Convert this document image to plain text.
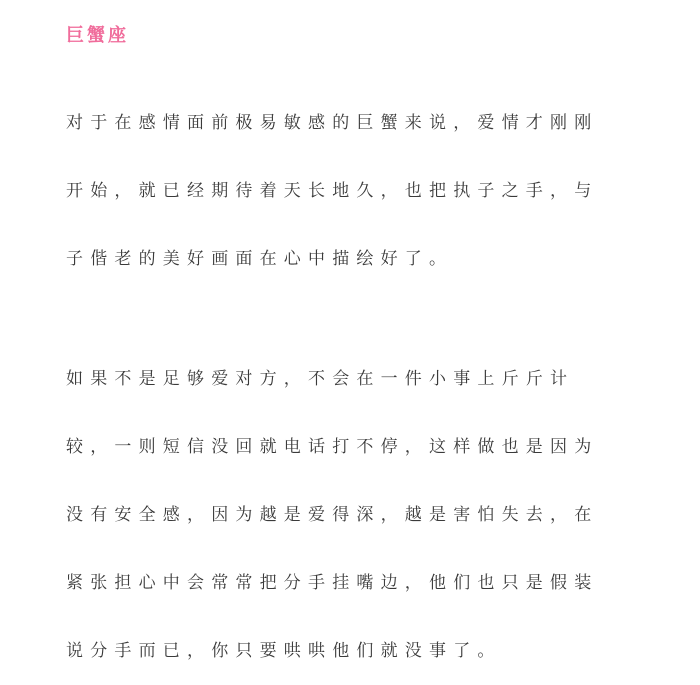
巨蟹座
对于在感情面前极易敏感的巨蟹来说，爱情才刚刚
开始，就已经期待着天长地久，也把执子之手，与
子偕老的美好画面在心中描绘好了。
如果不是足够爱对方，不会在一件小事上斤斤计
较，一则短信没回就电话打不停，这样做也是因为
没有安全感，因为越是爱得深，越是害怕失去，在
紧张担心中会常常把分手挂嘴边，他们也只是假装
说分手而已，你只要哄哄他们就没事了。
